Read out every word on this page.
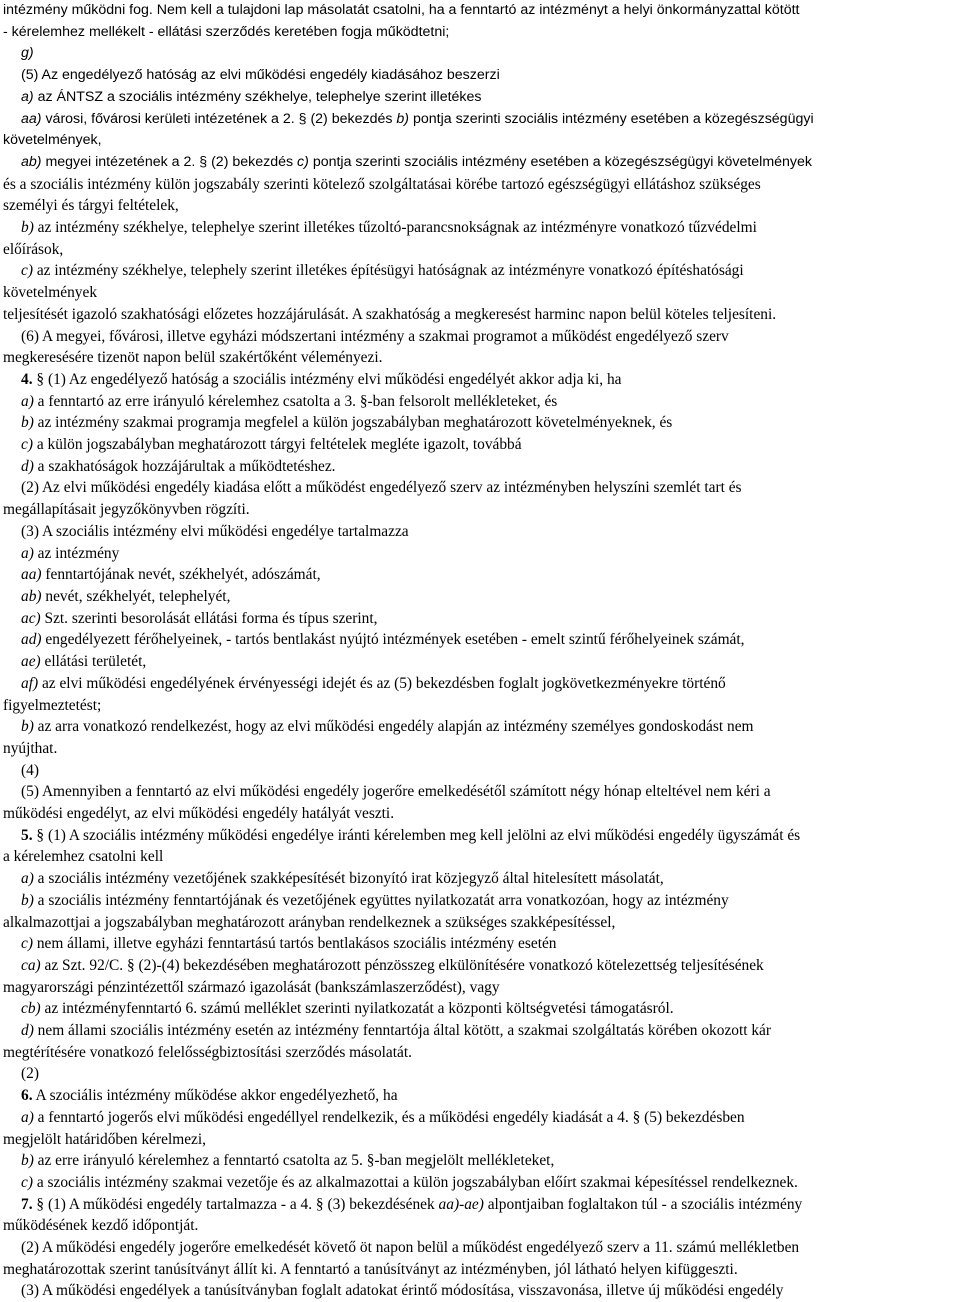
intézmény működni fog. Nem kell a tulajdoni lap másolatát csatolni, ha a fenntartó az intézményt a helyi önkormányzattal kötött

- kérelemhez mellékelt - ellátási szerződés keretében fogja működtetni;

g)

(5) Az engedélyező hatóság az elvi működési engedély kiadásához beszerzi

a) az ÁNTSZ a szociális intézmény székhelye, telephelye szerint illetékes

aa) városi, fővárosi kerületi intézetének a 2. § (2) bekezdés b) pontja szerinti szociális intézmény esetében a közegészségügyi

követelmények,

ab) megyei intézetének a 2. § (2) bekezdés c) pontja szerinti szociális intézmény esetében a közegészségügyi követelmények

és a szociális intézmény külön jogszabály szerinti kötelező szolgáltatásai körébe tartozó egészségügyi ellátáshoz szükséges

személyi és tárgyi feltételek,

b) az intézmény székhelye, telephelye szerint illetékes tűzoltó-parancsnokságnak az intézményre vonatkozó tűzvédelmi

előírások,

c) az intézmény székhelye, telephely szerint illetékes építésügyi hatóságnak az intézményre vonatkozó építéshatósági

követelmények

teljesítését igazoló szakhatósági előzetes hozzájárulását. A szakhatóság a megkeresést harminc napon belül köteles teljesíteni.

(6) A megyei, fővárosi, illetve egyházi módszertani intézmény a szakmai programot a működést engedélyező szerv

megkeresésére tizenöt napon belül szakértőként véleményezi.

4. § (1) Az engedélyező hatóság a szociális intézmény elvi működési engedélyét akkor adja ki, ha

a) a fenntartó az erre irányuló kérelemhez csatolta a 3. §-ban felsorolt mellékleteket, és

b) az intézmény szakmai programja megfelel a külön jogszabályban meghatározott követelményeknek, és

c) a külön jogszabályban meghatározott tárgyi feltételek megléte igazolt, továbbá

d) a szakhatóságok hozzájárultak a működtetéshez.

(2) Az elvi működési engedély kiadása előtt a működést engedélyező szerv az intézményben helyszíni szemlét tart és

megállapításait jegyzőkönyvben rögzíti.

(3) A szociális intézmény elvi működési engedélye tartalmazza

a) az intézmény

aa) fenntartójának nevét, székhelyét, adószámát,

ab) nevét, székhelyét, telephelyét,

ac) Szt. szerinti besorolását ellátási forma és típus szerint,

ad) engedélyezett férőhelyeinek, - tartós bentlakást nyújtó intézmények esetében - emelt szintű férőhelyeinek számát,

ae) ellátási területét,

af) az elvi működési engedélyének érvényességi idejét és az (5) bekezdésben foglalt jogkövetkezményekre történő

figyelmeztetést;

b) az arra vonatkozó rendelkezést, hogy az elvi működési engedély alapján az intézmény személyes gondoskodást nem

nyújthat.

(4)

(5) Amennyiben a fenntartó az elvi működési engedély jogerőre emelkedésétől számított négy hónap elteltével nem kéri a

működési engedélyt, az elvi működési engedély hatályát veszti.

5. § (1) A szociális intézmény működési engedélye iránti kérelemben meg kell jelölni az elvi működési engedély ügyszámát és

a kérelemhez csatolni kell

a) a szociális intézmény vezetőjének szakképesítését bizonyító irat közjegyző által hitelesített másolatát,

b) a szociális intézmény fenntartójának és vezetőjének együttes nyilatkozatát arra vonatkozóan, hogy az intézmény

alkalmazottjai a jogszabályban meghatározott arányban rendelkeznek a szükséges szakképesítéssel,

c) nem állami, illetve egyházi fenntartású tartós bentlakásos szociális intézmény esetén

ca) az Szt. 92/C. § (2)-(4) bekezdésében meghatározott pénzösszeg elkülönítésére vonatkozó kötelezettség teljesítésének

magyarországi pénzintézettől származó igazolását (bankszámlaszerződést), vagy

cb) az intézményfenntartó 6. számú melléklet szerinti nyilatkozatát a központi költségvetési támogatásról.

d) nem állami szociális intézmény esetén az intézmény fenntartója által kötött, a szakmai szolgáltatás körében okozott kár

megtérítésére vonatkozó felelősségbiztosítási szerződés másolatát.

(2)

6. A szociális intézmény működése akkor engedélyezhető, ha

a) a fenntartó jogerős elvi működési engedéllyel rendelkezik, és a működési engedély kiadását a 4. § (5) bekezdésben

megjelölt határidőben kérelmezi,

b) az erre irányuló kérelemhez a fenntartó csatolta az 5. §-ban megjelölt mellékleteket,

c) a szociális intézmény szakmai vezetője és az alkalmazottai a külön jogszabályban előírt szakmai képesítéssel rendelkeznek.

7. § (1) A működési engedély tartalmazza - a 4. § (3) bekezdésének aa)-ae) alpontjaiban foglaltakon túl - a szociális intézmény

működésének kezdő időpontját.

(2) A működési engedély jogerőre emelkedését követő öt napon belül a működést engedélyező szerv a 11. számú mellékletben

meghatározottak szerint tanúsítványt állít ki. A fenntartó a tanúsítványt az intézményben, jól látható helyen kifüggeszti.

(3) A működési engedélyek a tanúsítványban foglalt adatokat érintő módosítása, visszavonása, illetve új működési engedély
